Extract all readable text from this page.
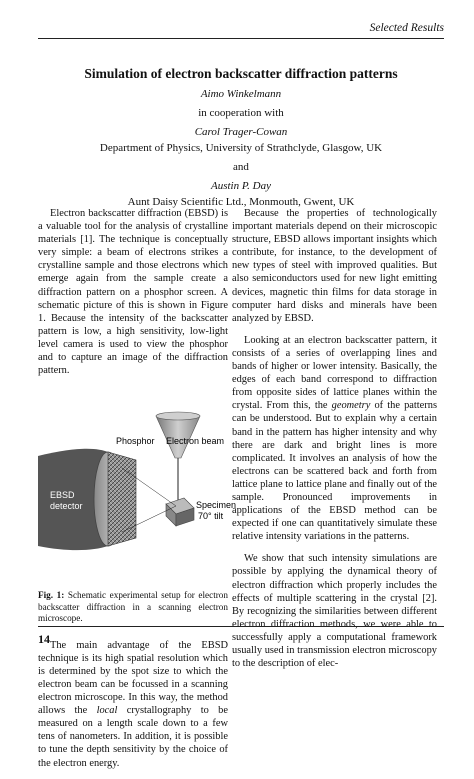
Selected Results
Simulation of electron backscatter diffraction patterns
Aimo Winkelmann
in cooperation with
Carol Trager-Cowan
Department of Physics, University of Strathclyde, Glasgow, UK
and
Austin P. Day
Aunt Daisy Scientific Ltd., Monmouth, Gwent, UK

Electron backscatter diffraction (EBSD) is a valuable tool for the analysis of crystalline materials [1]. The technique is conceptually very simple: a beam of electrons strikes a crystalline sample and those electrons which emerge again from the sample create a diffraction pattern on a phosphor screen. A schematic picture of this is shown in Figure 1. Because the intensity of the backscatter pattern is low, a high sensitivity, low-light level camera is used to view the phosphor and to capture an image of the diffraction pattern.

Phosphor Electron beam
Specimen
70° tilt
EBSD
detector
Fig. 1: Schematic experimental setup for electron backscatter diffraction in a scanning electron microscope.

The main advantage of the EBSD technique is its high spatial resolution which is determined by the spot size to which the electron beam can be focussed in a scanning electron microscope. In this way, the method allows the local crystallography to be measured on a length scale down to a few tens of nanometers. In addition, it is possible to tune the depth sensitivity by the choice of the electron energy.

Because the properties of technologically important materials depend on their microscopic structure, EBSD allows important insights which contribute, for instance, to the development of new types of steel with improved qualities. But also semiconductors used for new light emitting devices, magnetic thin films for data storage in computer hard disks and minerals have been analyzed by EBSD.

Looking at an electron backscatter pattern, it consists of a series of overlapping lines and bands of higher or lower intensity. Basically, the edges of each band correspond to diffraction from opposite sides of lattice planes within the crystal. From this, the geometry of the patterns can be understood. But to explain why a certain band in the pattern has higher intensity and why there are dark and bright lines is more complicated. It involves an analysis of how the electrons can be scattered back and forth from lattice plane to lattice plane and finally out of the sample. Pronounced improvements in applications of the EBSD method can be expected if one can quantitatively simulate these relative intensity variations in the patterns.

We show that such intensity simulations are possible by applying the dynamical theory of electron diffraction which properly includes the effects of multiple scattering in the crystal [2]. By recognizing the similarities between different electron diffraction methods, we were able to successfully apply a computational framework usually used in transmission electron microscopy to the description of elec-

14
